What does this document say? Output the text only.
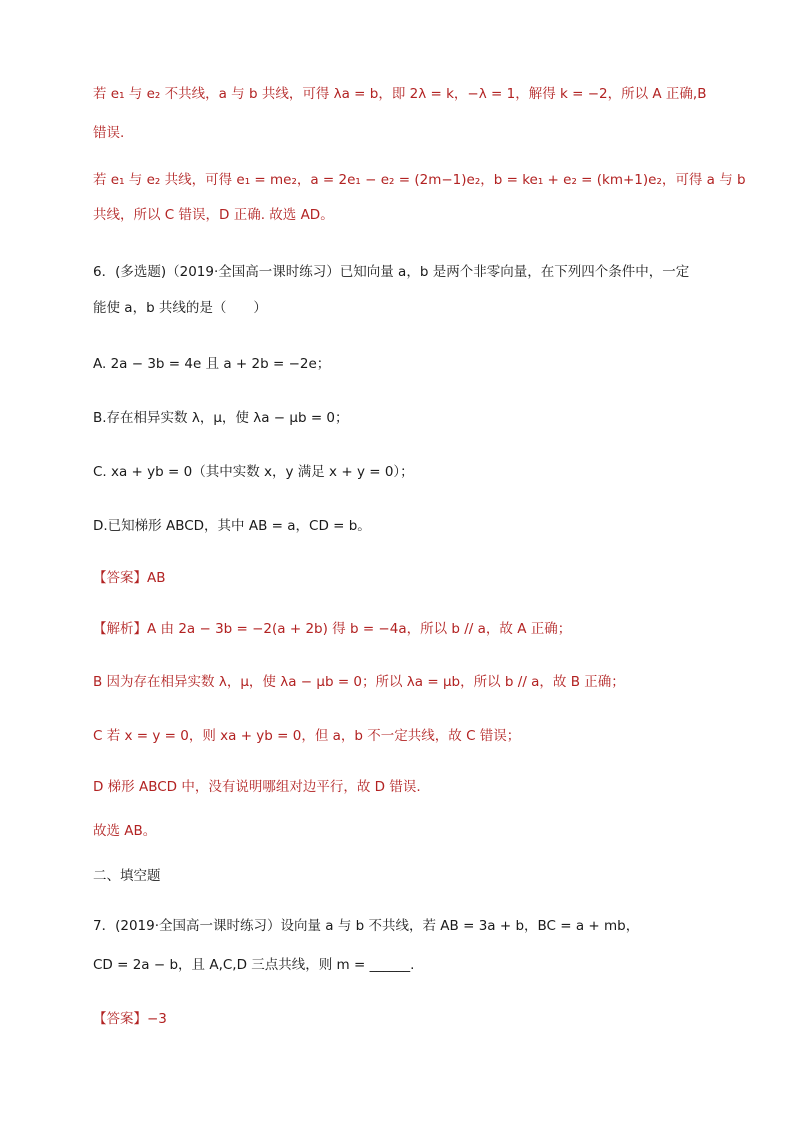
若 e₁ 与 e₂ 不共线，a 与 b 共线，可得 λa = b，即 2λ = k，−λ = 1，解得 k = −2，所以 A 正确,B
错误.
若 e₁ 与 e₂ 共线，可得 e₁ = me₂，a = 2e₁ − e₂ = (2m−1)e₂，b = ke₁ + e₂ = (km+1)e₂，可得 a 与 b
共线，所以 C 错误，D 正确. 故选 AD。
6．(多选题)（2019·全国高一课时练习）已知向量 a，b 是两个非零向量，在下列四个条件中，一定
能使 a，b 共线的是（　　）
A. 2a − 3b = 4e 且 a + 2b = −2e；
B.存在相异实数 λ，μ，使 λa − μb = 0；
C. xa + yb = 0（其中实数 x，y 满足 x + y = 0）；
D.已知梯形 ABCD，其中 AB = a，CD = b。
【答案】AB
【解析】A 由 2a − 3b = −2(a + 2b) 得 b = −4a，所以 b // a，故 A 正确；
B 因为存在相异实数 λ，μ，使 λa − μb = 0；所以 λa = μb，所以 b // a，故 B 正确；
C 若 x = y = 0，则 xa + yb = 0，但 a，b 不一定共线，故 C 错误；
D 梯形 ABCD 中，没有说明哪组对边平行，故 D 错误.
故选 AB。
二、填空题
7．(2019·全国高一课时练习）设向量 a 与 b 不共线，若 AB = 3a + b，BC = a + mb，
CD = 2a − b，且 A,C,D 三点共线，则 m = ______.
【答案】−3
